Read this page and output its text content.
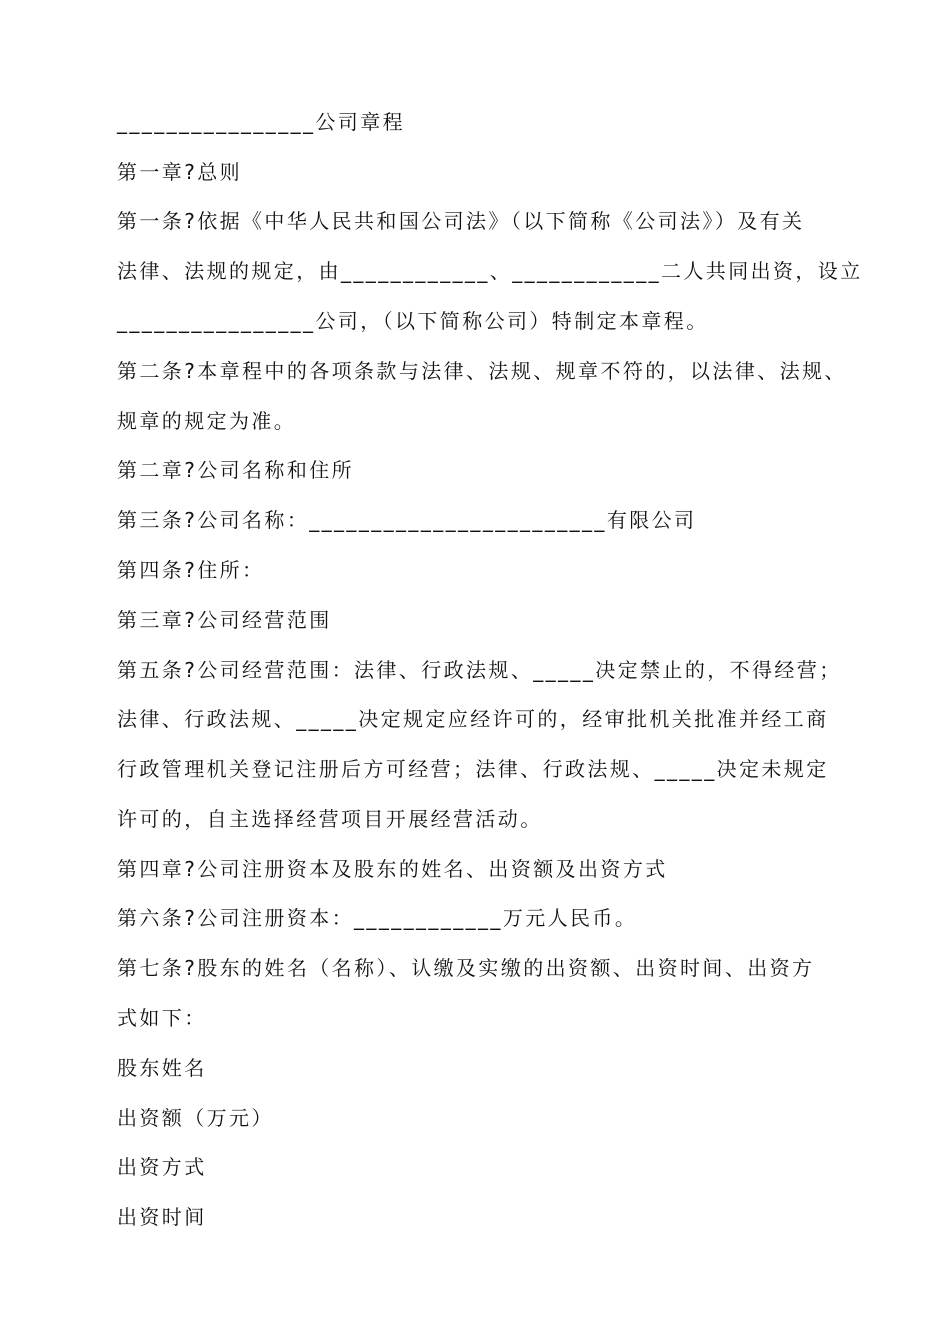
________________公司章程
第一章?总则
第一条?依据《中华人民共和国公司法》（以下简称《公司法》）及有关
法律、法规的规定，由____________、____________二人共同出资，设立
________________公司，（以下简称公司）特制定本章程。
第二条?本章程中的各项条款与法律、法规、规章不符的，以法律、法规、
规章的规定为准。
第二章?公司名称和住所
第三条?公司名称：________________________有限公司
第四条?住所：
第三章?公司经营范围
第五条?公司经营范围：法律、行政法规、_____决定禁止的，不得经营；
法律、行政法规、_____决定规定应经许可的，经审批机关批准并经工商
行政管理机关登记注册后方可经营；法律、行政法规、_____决定未规定
许可的，自主选择经营项目开展经营活动。
第四章?公司注册资本及股东的姓名、出资额及出资方式
第六条?公司注册资本：____________万元人民币。
第七条?股东的姓名（名称）、认缴及实缴的出资额、出资时间、出资方
式如下：
股东姓名
出资额（万元）
出资方式
出资时间
